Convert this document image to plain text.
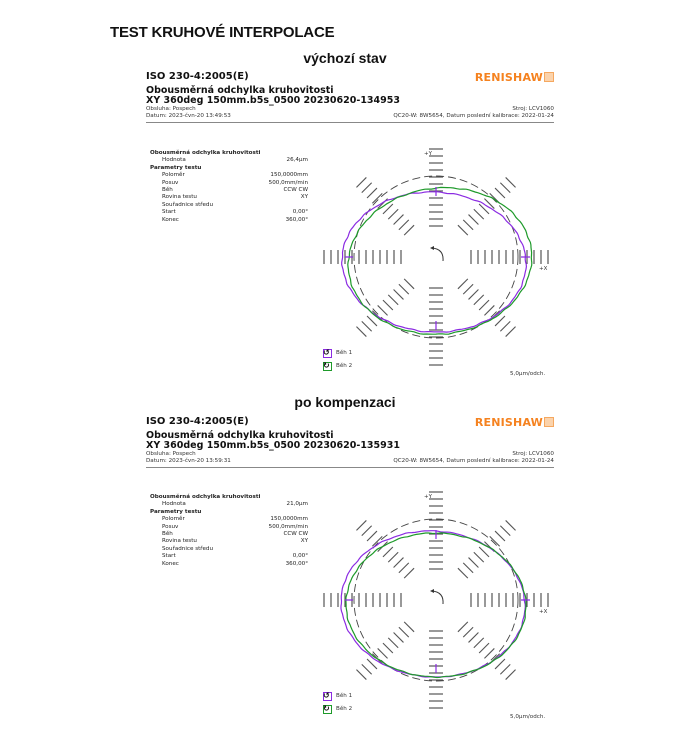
TEST KRUHOVÉ INTERPOLACE
výchozí stav
ISO 230-4:2005(E)	RENISHAW
Obousměrná odchylka kruhovitosti
XY 360deg 150mm.b5s_0500 20230620-134953
Obsluha: Pospech
Datum: 2023-čvn-20 13:49:53
Stroj: LCV1060
QC20-W: 8W5654, Datum poslední kalibrace: 2022-01-24
Obousměrná odchylka kruhovitosti
Hodnota	26,4µm
Parametry testu
Poloměr	150,0000mm
Posuv	500,0mm/min
Běh	CCW CW
Rovina testu	XY
Souřadnice středu
Start	0,00°
Konec	360,00°
+Y
+X
↺ Běh 1
↻ Běh 2
5,0µm/odch.
po kompenzaci
ISO 230-4:2005(E)	RENISHAW
Obousměrná odchylka kruhovitosti
XY 360deg 150mm.b5s_0500 20230620-135931
Obsluha: Pospech
Datum: 2023-čvn-20 13:59:31
Stroj: LCV1060
QC20-W: 8W5654, Datum poslední kalibrace: 2022-01-24
Obousměrná odchylka kruhovitosti
Hodnota	21,0µm
Parametry testu
Poloměr	150,0000mm
Posuv	500,0mm/min
Běh	CCW CW
Rovina testu	XY
Souřadnice středu
Start	0,00°
Konec	360,00°
+Y
+X
↺ Běh 1
↻ Běh 2
5,0µm/odch.
